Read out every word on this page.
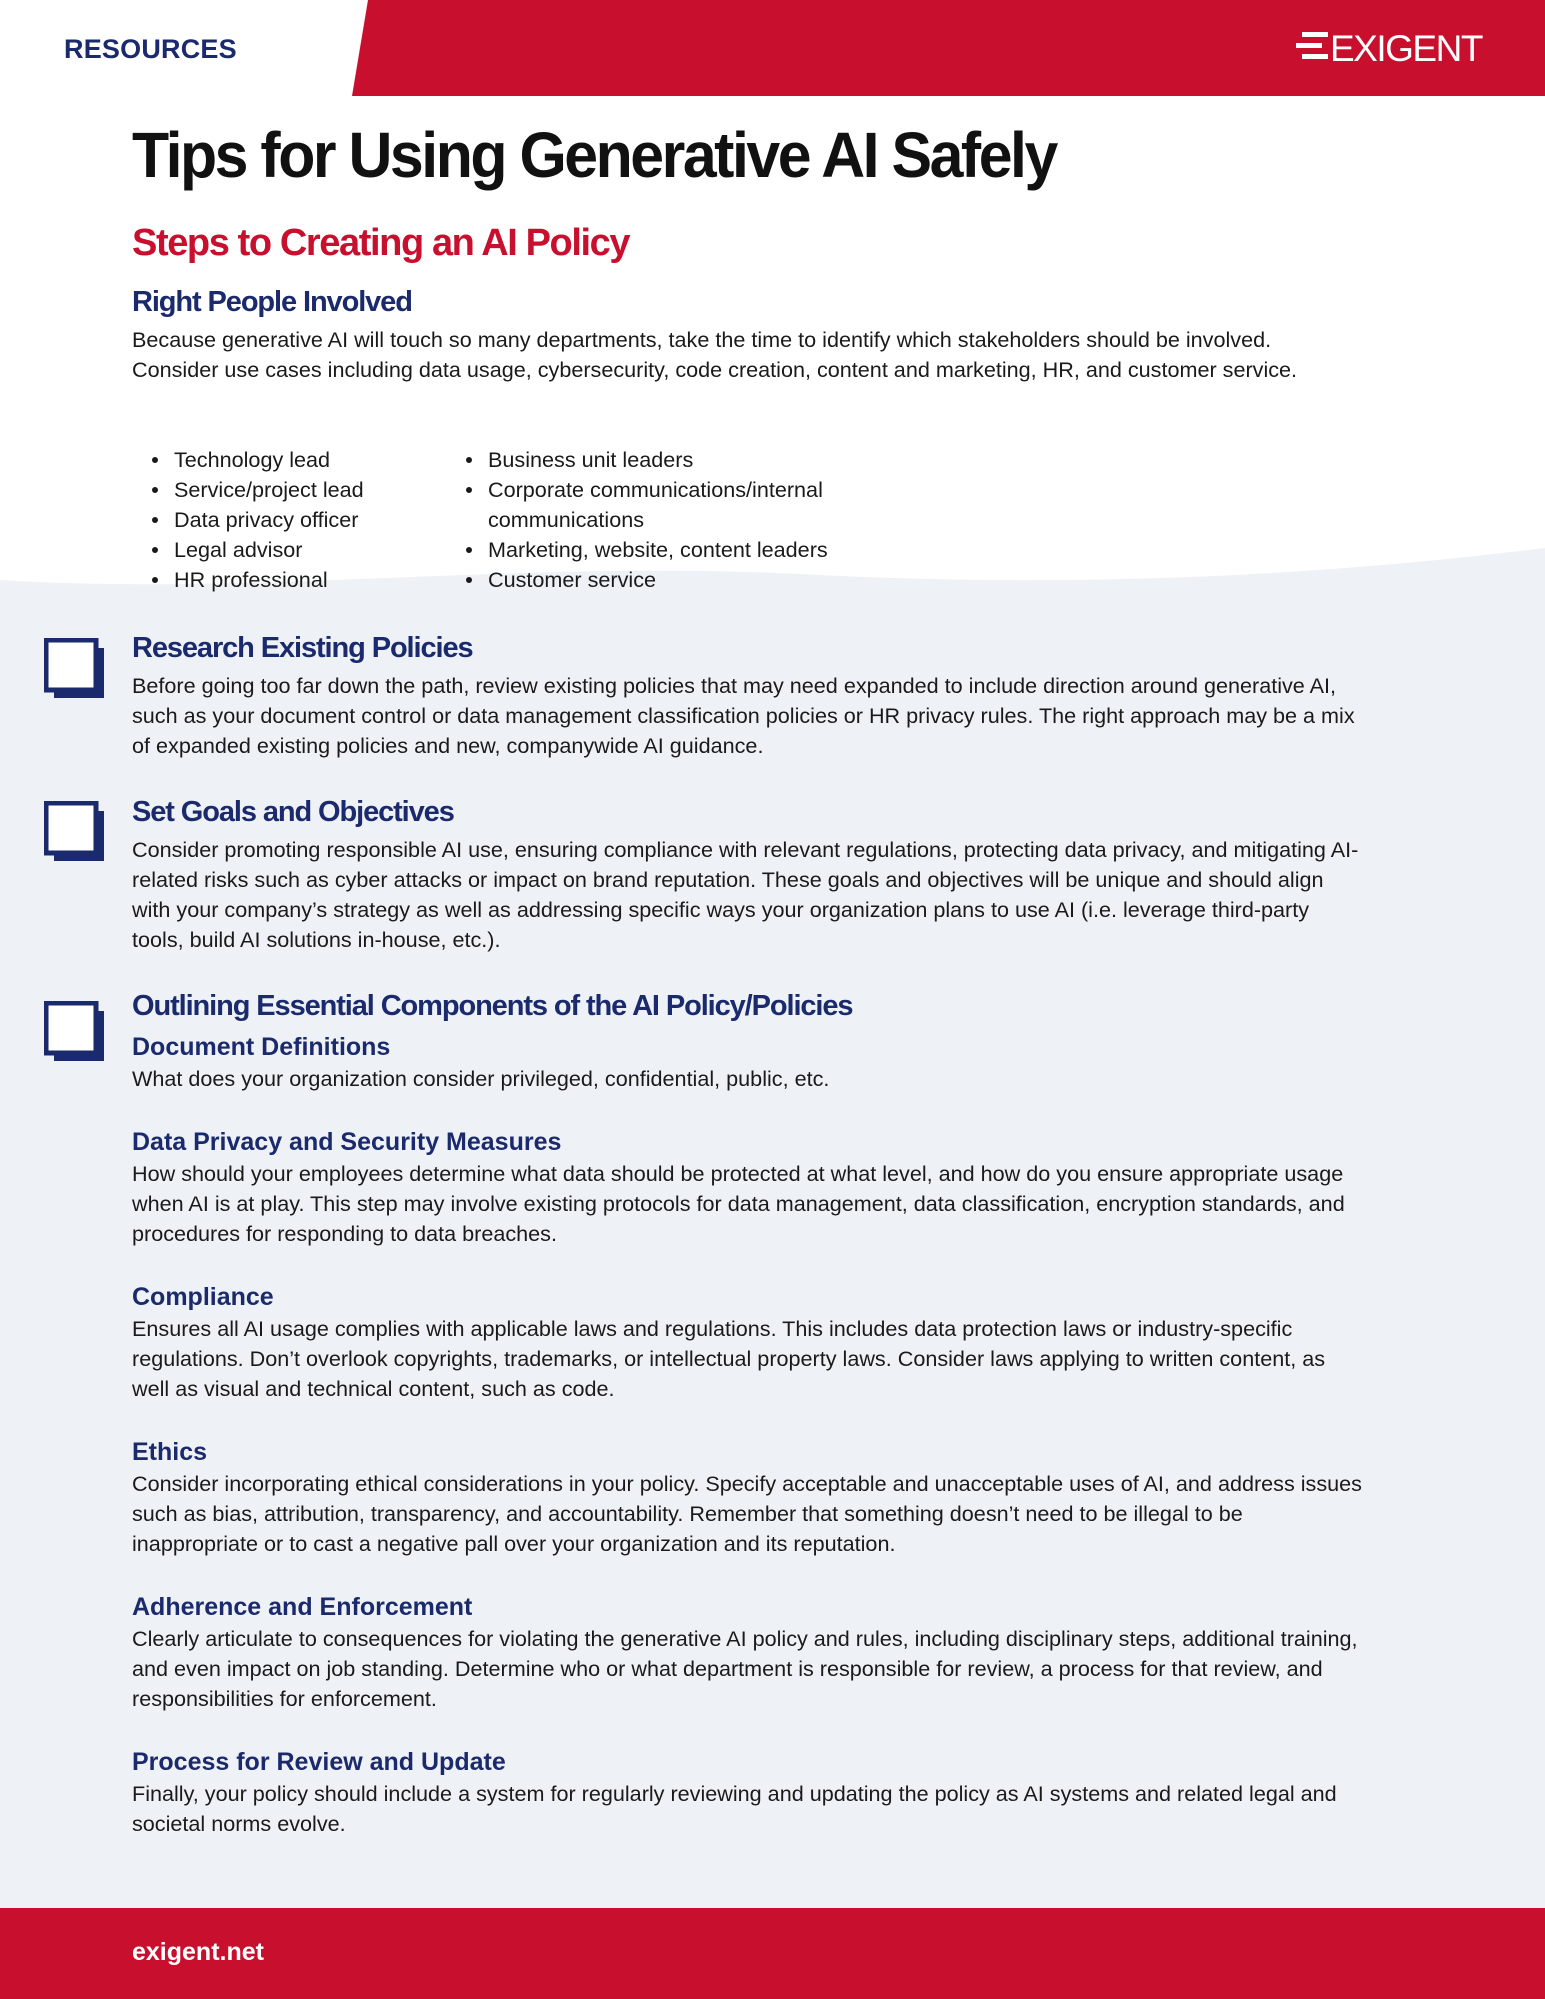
RESOURCES	EXIGENT
Tips for Using Generative AI Safely
Steps to Creating an AI Policy
Right People Involved

Because generative AI will touch so many departments, take the time to identify which stakeholders should be involved. Consider use cases including data usage, cybersecurity, code creation, content and marketing, HR, and customer service.

Technology lead
Service/project lead
Data privacy officer
Legal advisor
HR professional
Business unit leaders
Corporate communications/internal communications
Marketing, website, content leaders
Customer service
Research Existing Policies

Before going too far down the path, review existing policies that may need expanded to include direction around generative AI, such as your document control or data management classification policies or HR privacy rules. The right approach may be a mix of expanded existing policies and new, companywide AI guidance.

Set Goals and Objectives

Consider promoting responsible AI use, ensuring compliance with relevant regulations, protecting data privacy, and mitigating AI-related risks such as cyber attacks or impact on brand reputation. These goals and objectives will be unique and should align with your company’s strategy as well as addressing specific ways your organization plans to use AI (i.e. leverage third-party tools, build AI solutions in-house, etc.).

Outlining Essential Components of the AI Policy/Policies
Document Definitions

What does your organization consider privileged, confidential, public, etc.

Data Privacy and Security Measures

How should your employees determine what data should be protected at what level, and how do you ensure appropriate usage when AI is at play. This step may involve existing protocols for data management, data classification, encryption standards, and procedures for responding to data breaches.

Compliance

Ensures all AI usage complies with applicable laws and regulations. This includes data protection laws or industry-specific regulations. Don’t overlook copyrights, trademarks, or intellectual property laws. Consider laws applying to written content, as well as visual and technical content, such as code.

Ethics

Consider incorporating ethical considerations in your policy. Specify acceptable and unacceptable uses of AI, and address issues such as bias, attribution, transparency, and accountability. Remember that something doesn’t need to be illegal to be inappropriate or to cast a negative pall over your organization and its reputation.

Adherence and Enforcement

Clearly articulate to consequences for violating the generative AI policy and rules, including disciplinary steps, additional training, and even impact on job standing. Determine who or what department is responsible for review, a process for that review, and responsibilities for enforcement.

Process for Review and Update

Finally, your policy should include a system for regularly reviewing and updating the policy as AI systems and related legal and societal norms evolve.

exigent.net
